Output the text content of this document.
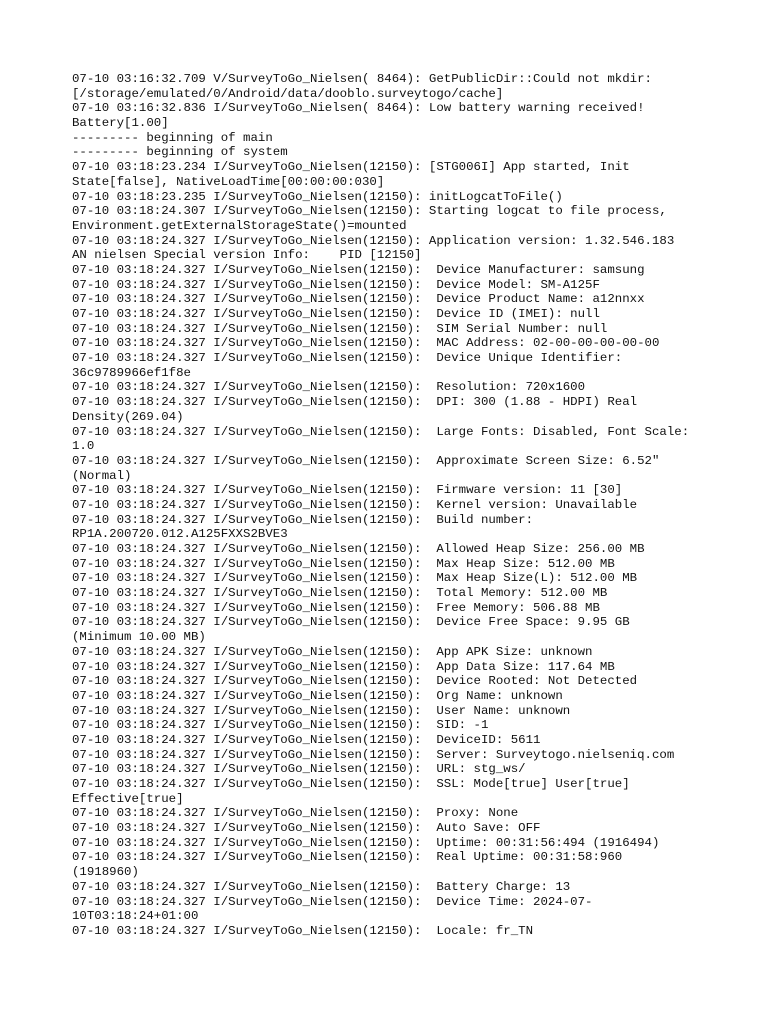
07-10 03:16:32.709 V/SurveyToGo_Nielsen( 8464): GetPublicDir::Could not mkdir:
[/storage/emulated/0/Android/data/dooblo.surveytogo/cache]
07-10 03:16:32.836 I/SurveyToGo_Nielsen( 8464): Low battery warning received!
Battery[1.00]
--------- beginning of main
--------- beginning of system
07-10 03:18:23.234 I/SurveyToGo_Nielsen(12150): [STG006I] App started, Init
State[false], NativeLoadTime[00:00:00:030]
07-10 03:18:23.235 I/SurveyToGo_Nielsen(12150): initLogcatToFile()
07-10 03:18:24.307 I/SurveyToGo_Nielsen(12150): Starting logcat to file process,
Environment.getExternalStorageState()=mounted
07-10 03:18:24.327 I/SurveyToGo_Nielsen(12150): Application version: 1.32.546.183
AN nielsen Special version Info:    PID [12150]
07-10 03:18:24.327 I/SurveyToGo_Nielsen(12150):  Device Manufacturer: samsung
07-10 03:18:24.327 I/SurveyToGo_Nielsen(12150):  Device Model: SM-A125F
07-10 03:18:24.327 I/SurveyToGo_Nielsen(12150):  Device Product Name: a12nnxx
07-10 03:18:24.327 I/SurveyToGo_Nielsen(12150):  Device ID (IMEI): null
07-10 03:18:24.327 I/SurveyToGo_Nielsen(12150):  SIM Serial Number: null
07-10 03:18:24.327 I/SurveyToGo_Nielsen(12150):  MAC Address: 02-00-00-00-00-00
07-10 03:18:24.327 I/SurveyToGo_Nielsen(12150):  Device Unique Identifier:
36c9789966ef1f8e
07-10 03:18:24.327 I/SurveyToGo_Nielsen(12150):  Resolution: 720x1600
07-10 03:18:24.327 I/SurveyToGo_Nielsen(12150):  DPI: 300 (1.88 - HDPI) Real
Density(269.04)
07-10 03:18:24.327 I/SurveyToGo_Nielsen(12150):  Large Fonts: Disabled, Font Scale:
1.0
07-10 03:18:24.327 I/SurveyToGo_Nielsen(12150):  Approximate Screen Size: 6.52"
(Normal)
07-10 03:18:24.327 I/SurveyToGo_Nielsen(12150):  Firmware version: 11 [30]
07-10 03:18:24.327 I/SurveyToGo_Nielsen(12150):  Kernel version: Unavailable
07-10 03:18:24.327 I/SurveyToGo_Nielsen(12150):  Build number:
RP1A.200720.012.A125FXXS2BVE3
07-10 03:18:24.327 I/SurveyToGo_Nielsen(12150):  Allowed Heap Size: 256.00 MB
07-10 03:18:24.327 I/SurveyToGo_Nielsen(12150):  Max Heap Size: 512.00 MB
07-10 03:18:24.327 I/SurveyToGo_Nielsen(12150):  Max Heap Size(L): 512.00 MB
07-10 03:18:24.327 I/SurveyToGo_Nielsen(12150):  Total Memory: 512.00 MB
07-10 03:18:24.327 I/SurveyToGo_Nielsen(12150):  Free Memory: 506.88 MB
07-10 03:18:24.327 I/SurveyToGo_Nielsen(12150):  Device Free Space: 9.95 GB
(Minimum 10.00 MB)
07-10 03:18:24.327 I/SurveyToGo_Nielsen(12150):  App APK Size: unknown
07-10 03:18:24.327 I/SurveyToGo_Nielsen(12150):  App Data Size: 117.64 MB
07-10 03:18:24.327 I/SurveyToGo_Nielsen(12150):  Device Rooted: Not Detected
07-10 03:18:24.327 I/SurveyToGo_Nielsen(12150):  Org Name: unknown
07-10 03:18:24.327 I/SurveyToGo_Nielsen(12150):  User Name: unknown
07-10 03:18:24.327 I/SurveyToGo_Nielsen(12150):  SID: -1
07-10 03:18:24.327 I/SurveyToGo_Nielsen(12150):  DeviceID: 5611
07-10 03:18:24.327 I/SurveyToGo_Nielsen(12150):  Server: Surveytogo.nielseniq.com
07-10 03:18:24.327 I/SurveyToGo_Nielsen(12150):  URL: stg_ws/
07-10 03:18:24.327 I/SurveyToGo_Nielsen(12150):  SSL: Mode[true] User[true]
Effective[true]
07-10 03:18:24.327 I/SurveyToGo_Nielsen(12150):  Proxy: None
07-10 03:18:24.327 I/SurveyToGo_Nielsen(12150):  Auto Save: OFF
07-10 03:18:24.327 I/SurveyToGo_Nielsen(12150):  Uptime: 00:31:56:494 (1916494)
07-10 03:18:24.327 I/SurveyToGo_Nielsen(12150):  Real Uptime: 00:31:58:960
(1918960)
07-10 03:18:24.327 I/SurveyToGo_Nielsen(12150):  Battery Charge: 13
07-10 03:18:24.327 I/SurveyToGo_Nielsen(12150):  Device Time: 2024-07-
10T03:18:24+01:00
07-10 03:18:24.327 I/SurveyToGo_Nielsen(12150):  Locale: fr_TN
